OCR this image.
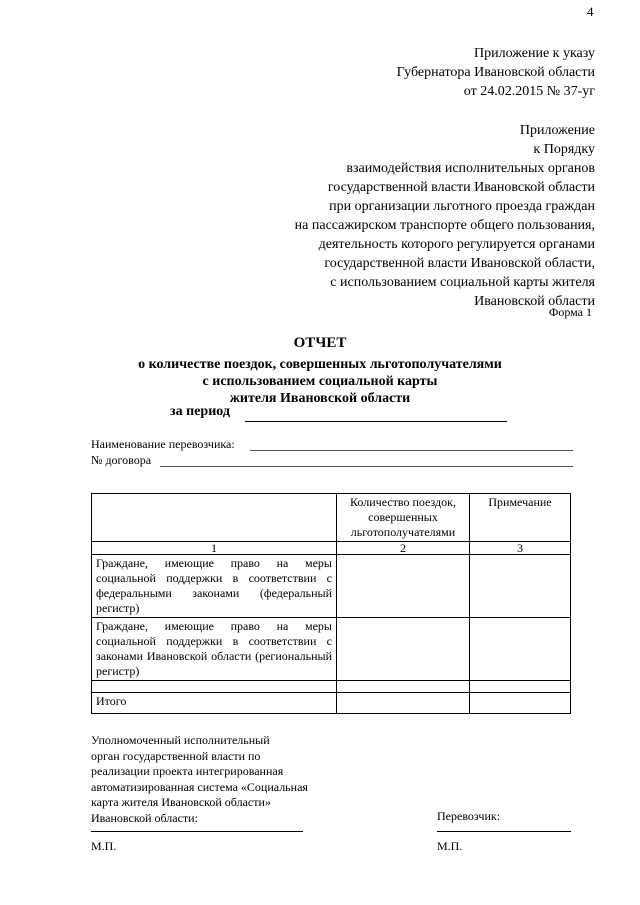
4
Приложение к указу
Губернатора Ивановской области
от 24.02.2015 № 37-уг
Приложение
к Порядку
взаимодействия исполнительных органов
государственной власти Ивановской области
при организации льготного проезда граждан
на пассажирском транспорте общего пользования,
деятельность которого регулируется органами
государственной власти Ивановской области,
с использованием социальной карты жителя
Ивановской области
Форма 1
ОТЧЕТ
о количестве поездок, совершенных льготополучателями
с использованием социальной карты
жителя Ивановской области
за период
Наименование перевозчика:
№ договора
	Количество поездок, совершенных льготополучателями	Примечание
1	2	3
Граждане, имеющие право на меры социальной поддержки в соответствии с федеральными законами (федеральный регистр)		
Граждане, имеющие право на меры социальной поддержки в соответствии с законами Ивановской области (региональный регистр)		

Итого		
Уполномоченный исполнительный
орган государственной власти по
реализации проекта интегрированная
автоматизированная система «Социальная
карта жителя Ивановской области»
Ивановской области:	Перевозчик:
М.П.	М.П.
